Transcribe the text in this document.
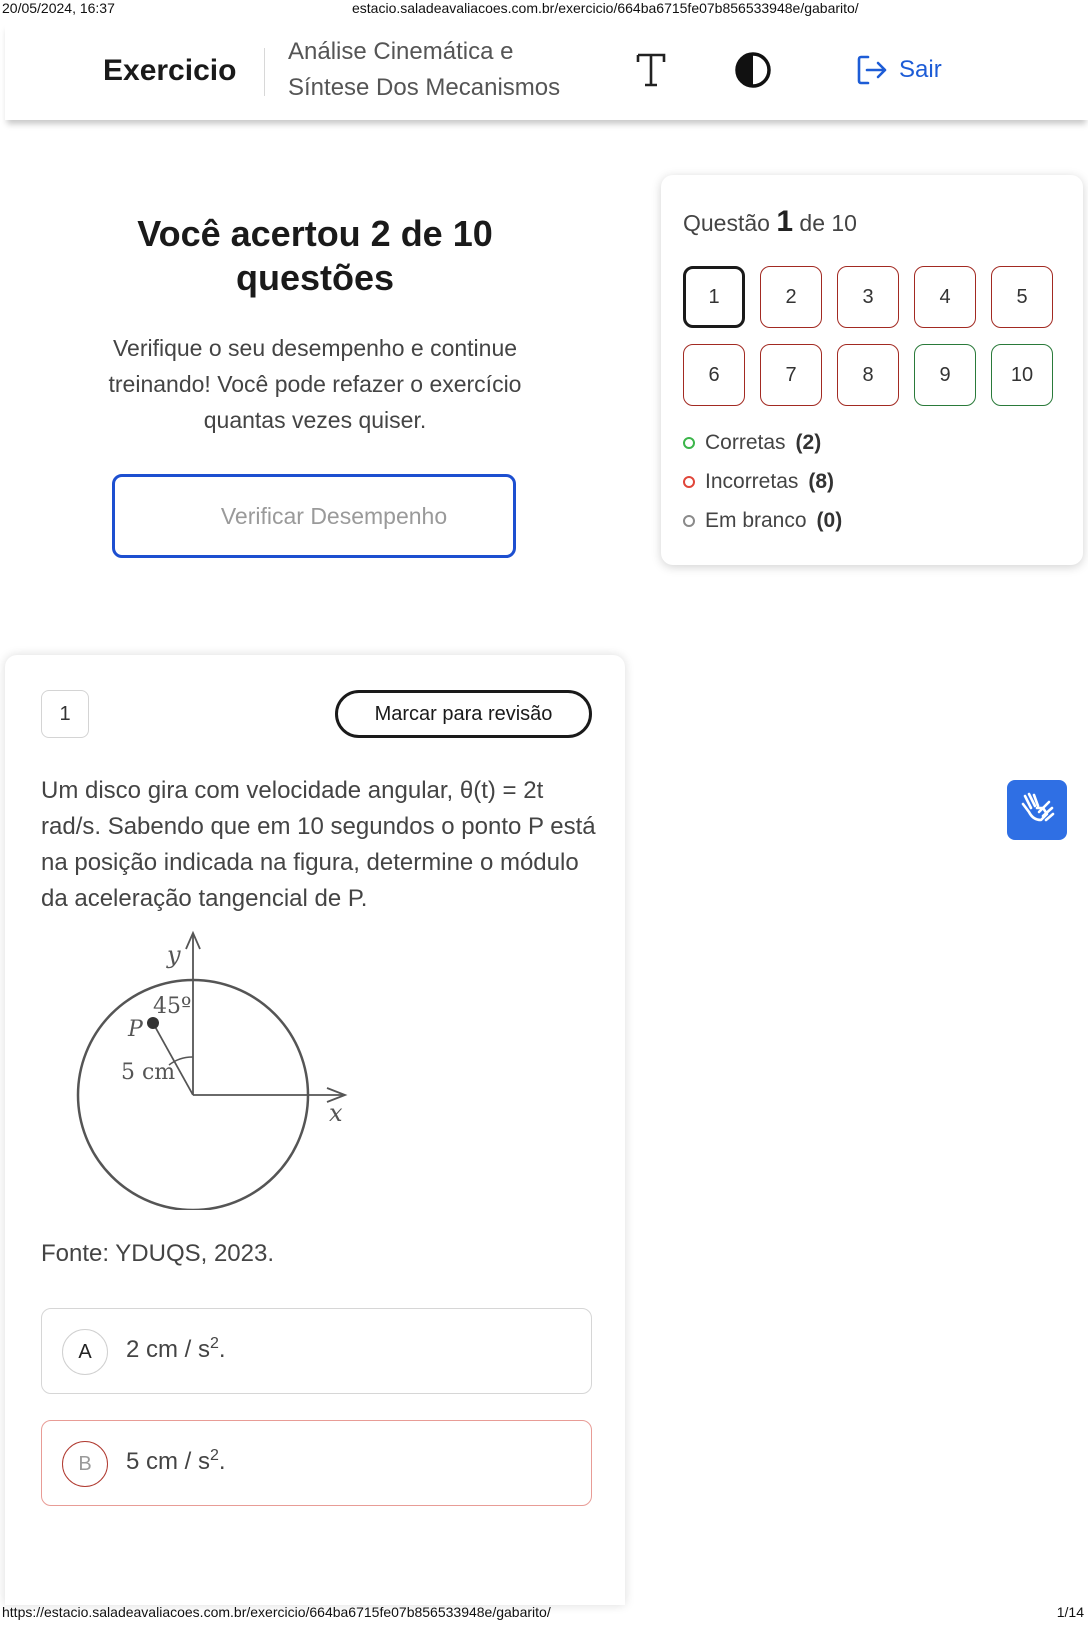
20/05/2024, 16:37	estacio.saladeavaliacoes.com.br/exercicio/664ba6715fe07b856533948e/gabarito/
Exercicio
Análise Cinemática e
Síntese Dos Mecanismos
Sair
Você acertou 2 de 10 questões
Verifique o seu desempenho e continue treinando! Você pode refazer o exercício quantas vezes quiser.
Verificar Desempenho
Questão 1 de 10
1	2	3	4	5
6	7	8	9	10
Corretas (2)
Incorretas (8)
Em branco (0)
1	Marcar para revisão
Um disco gira com velocidade angular, θ(t) = 2t rad/s. Sabendo que em 10 segundos o ponto P está na posição indicada na figura, determine o módulo da aceleração tangencial de P.
y
x
45º
P
5 cm
Fonte: YDUQS, 2023.
A	2 cm / $s^2$.
B	5 cm / $s^2$.
https://estacio.saladeavaliacoes.com.br/exercicio/664ba6715fe07b856533948e/gabarito/	1/14
